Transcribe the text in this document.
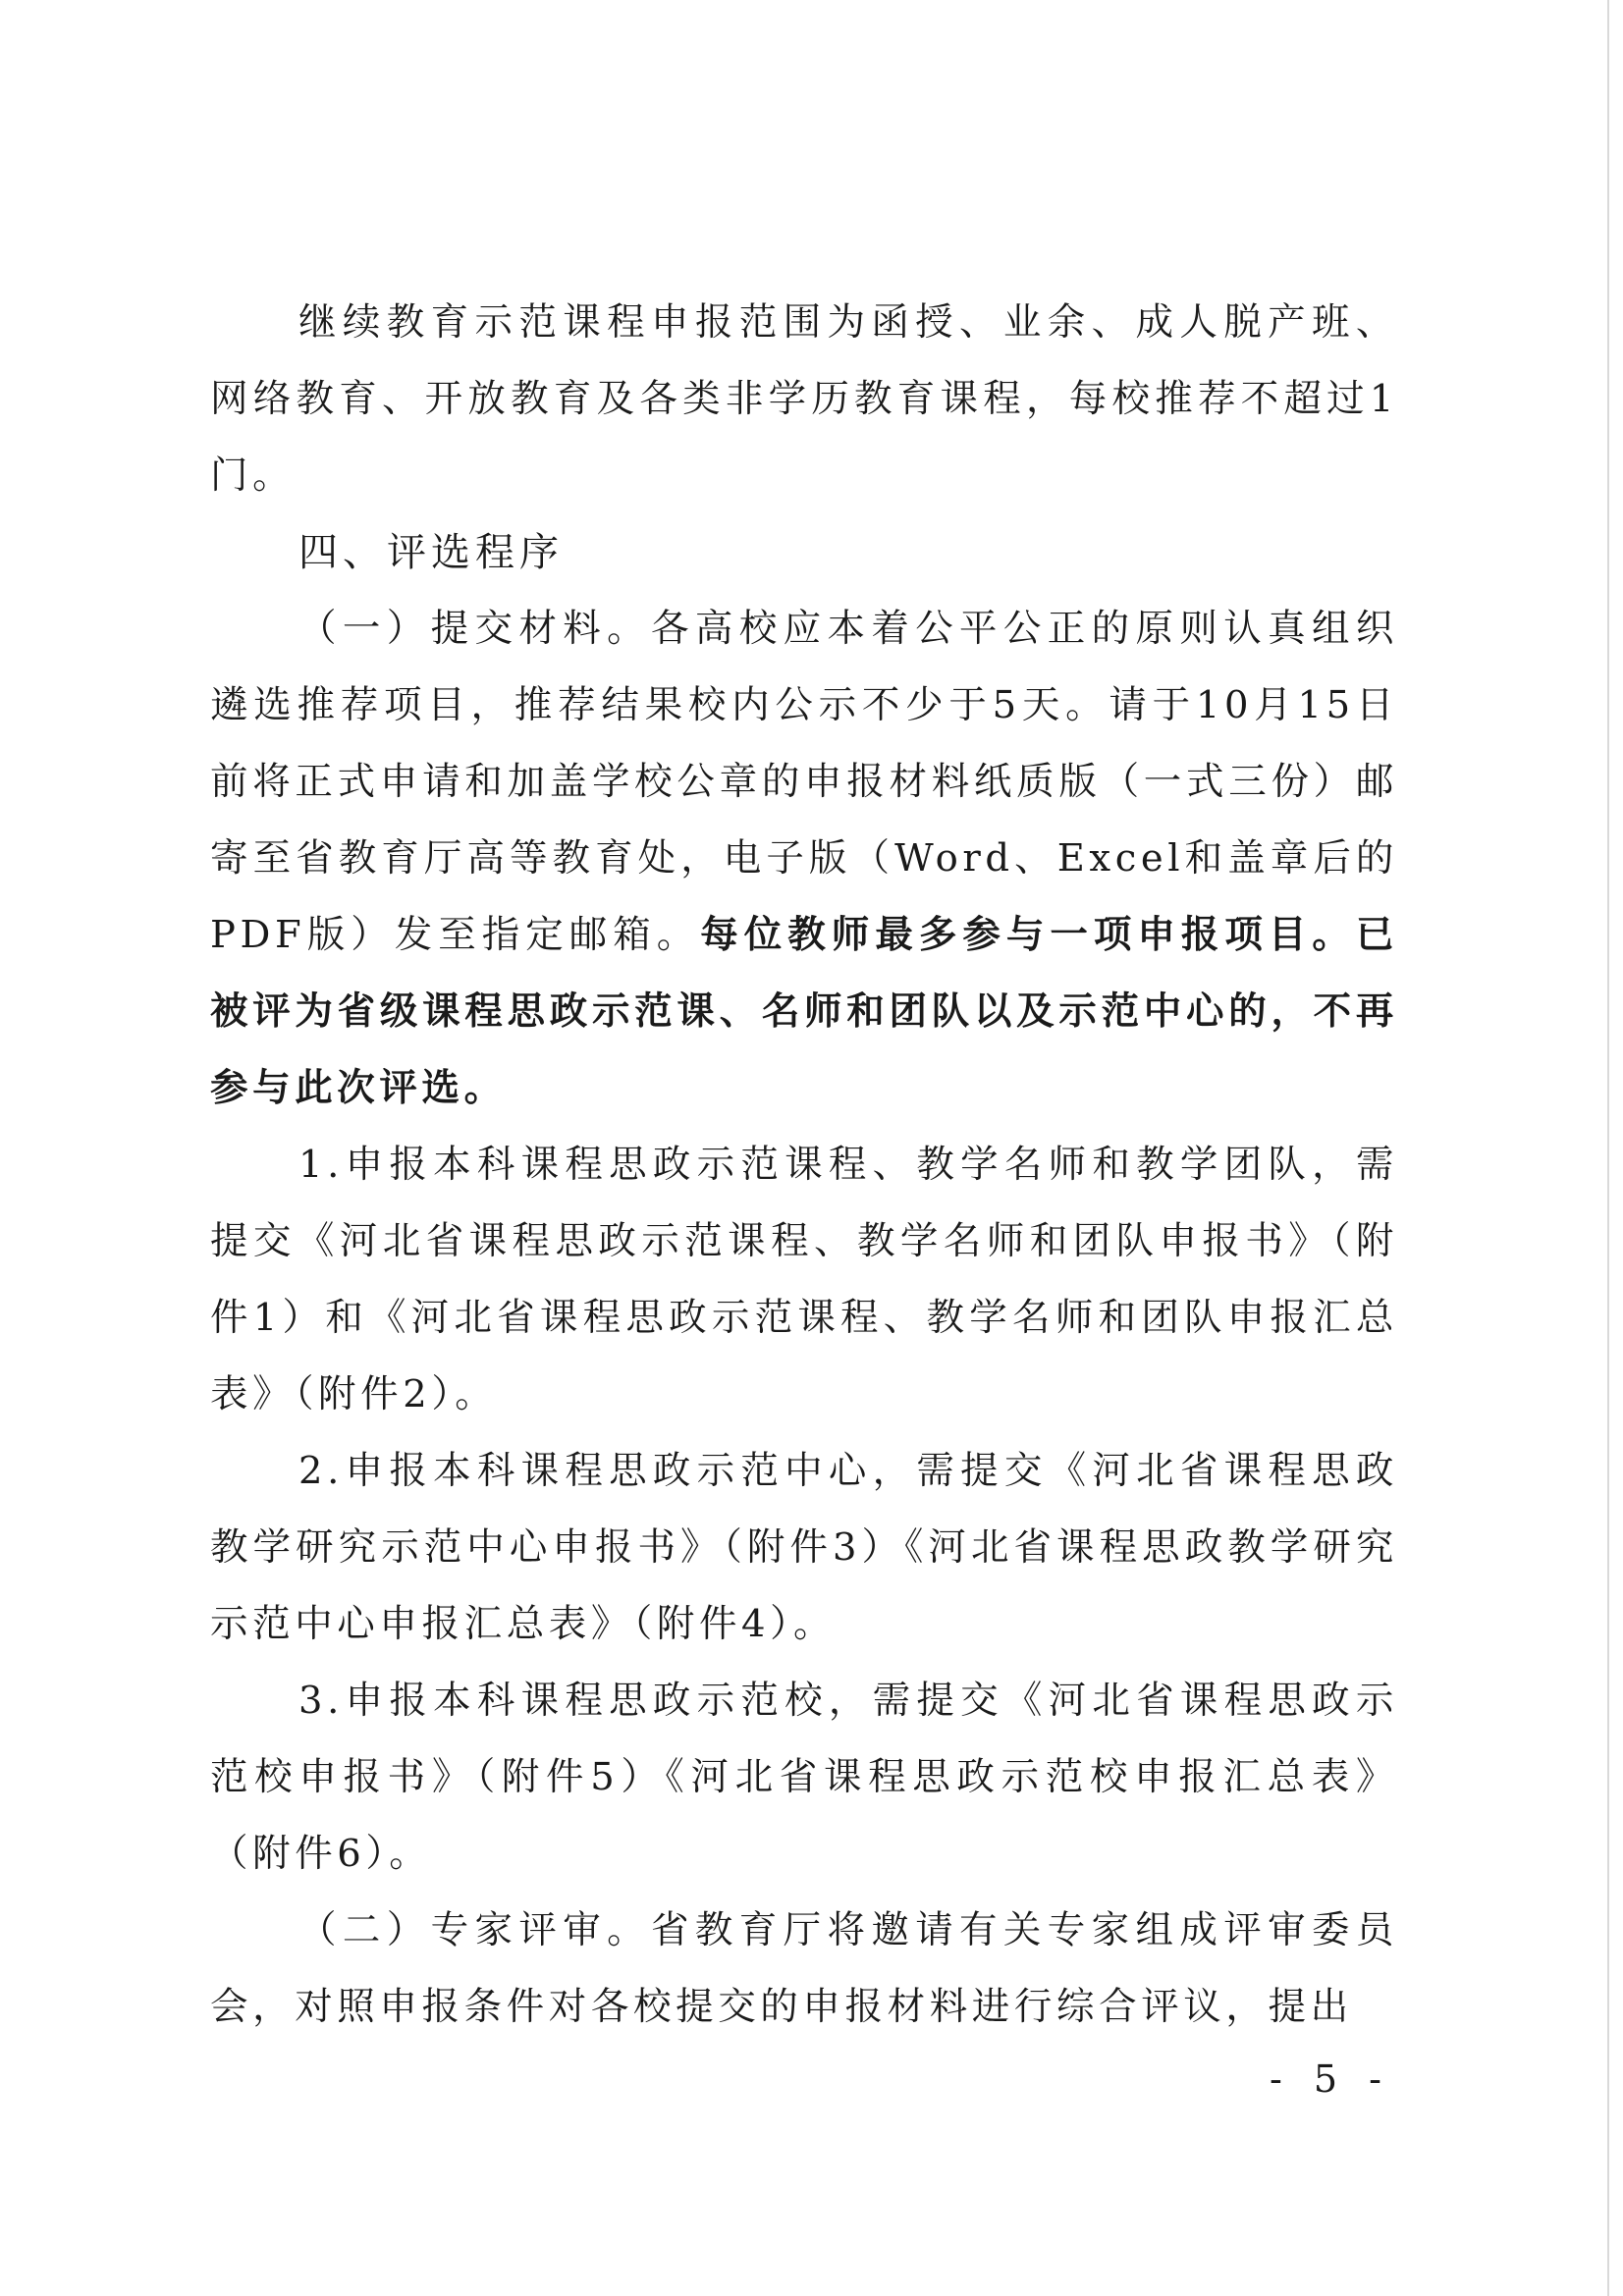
继续教育示范课程申报范围为函授、业余、成人脱产班、网络教育、开放教育及各类非学历教育课程，每校推荐不超过1门。

四、评选程序

（一）提交材料。各高校应本着公平公正的原则认真组织遴选推荐项目，推荐结果校内公示不少于5天。请于10月15日前将正式申请和加盖学校公章的申报材料纸质版（一式三份）邮寄至省教育厅高等教育处，电子版（Word、Excel和盖章后的PDF版）发至指定邮箱。每位教师最多参与一项申报项目。已被评为省级课程思政示范课、名师和团队以及示范中心的，不再参与此次评选。

1.申报本科课程思政示范课程、教学名师和教学团队，需提交《河北省课程思政示范课程、教学名师和团队申报书》（附件1）和《河北省课程思政示范课程、教学名师和团队申报汇总表》（附件2）。

2.申报本科课程思政示范中心，需提交《河北省课程思政教学研究示范中心申报书》（附件3）《河北省课程思政教学研究示范中心申报汇总表》（附件4）。

3.申报本科课程思政示范校，需提交《河北省课程思政示范校申报书》（附件5）《河北省课程思政示范校申报汇总表》（附件6）。

（二）专家评审。省教育厅将邀请有关专家组成评审委员会，对照申报条件对各校提交的申报材料进行综合评议，提出

- 5 -
